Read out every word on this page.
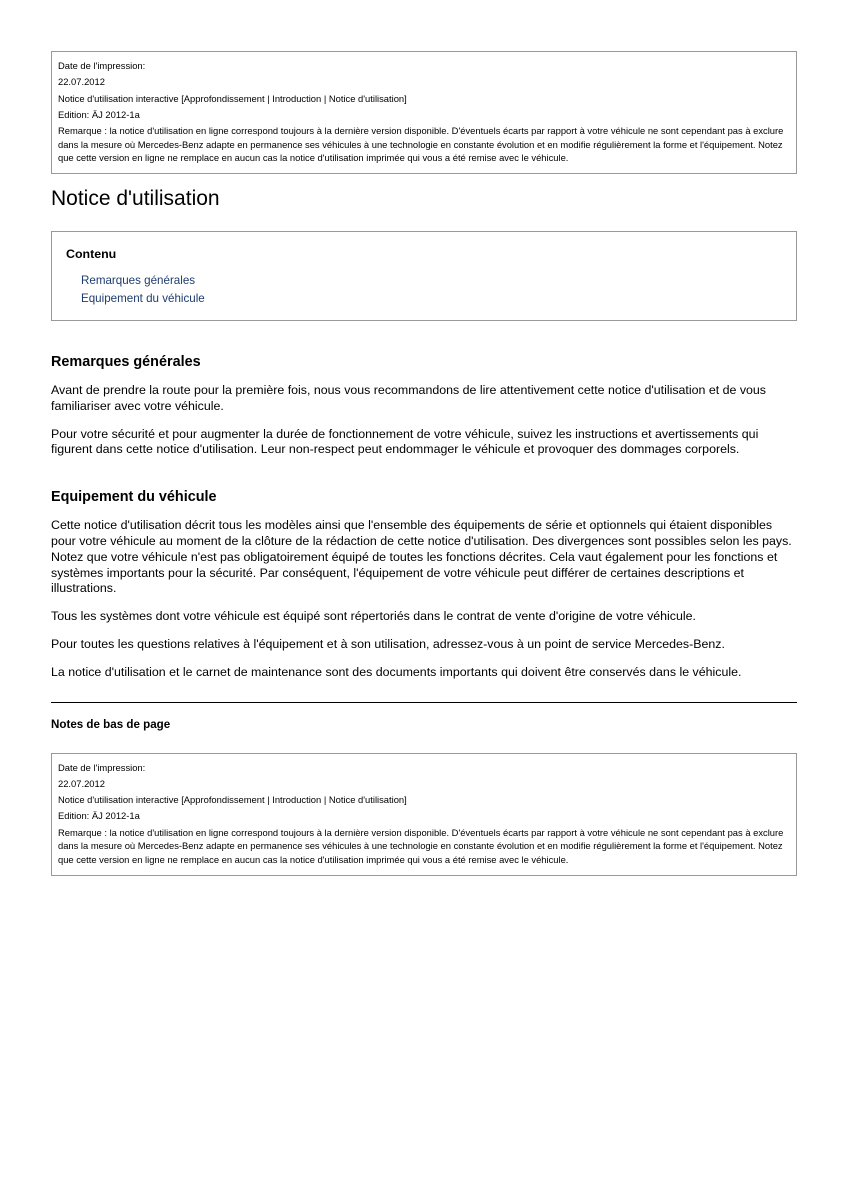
Date de l'impression:
22.07.2012
Notice d'utilisation interactive [Approfondissement | Introduction | Notice d'utilisation]
Edition: ÄJ 2012-1a
Remarque : la notice d'utilisation en ligne correspond toujours à la dernière version disponible. D'éventuels écarts par rapport à votre véhicule ne sont cependant pas à exclure dans la mesure où Mercedes-Benz adapte en permanence ses véhicules à une technologie en constante évolution et en modifie régulièrement la forme et l'équipement. Notez que cette version en ligne ne remplace en aucun cas la notice d'utilisation imprimée qui vous a été remise avec le véhicule.
Notice d'utilisation
Contenu
Remarques générales
Equipement du véhicule
Remarques générales

Avant de prendre la route pour la première fois, nous vous recommandons de lire attentivement cette notice d'utilisation et de vous familiariser avec votre véhicule.

Pour votre sécurité et pour augmenter la durée de fonctionnement de votre véhicule, suivez les instructions et avertissements qui figurent dans cette notice d'utilisation. Leur non-respect peut endommager le véhicule et provoquer des dommages corporels.

Equipement du véhicule

Cette notice d'utilisation décrit tous les modèles ainsi que l'ensemble des équipements de série et optionnels qui étaient disponibles pour votre véhicule au moment de la clôture de la rédaction de cette notice d'utilisation. Des divergences sont possibles selon les pays. Notez que votre véhicule n'est pas obligatoirement équipé de toutes les fonctions décrites. Cela vaut également pour les fonctions et systèmes importants pour la sécurité. Par conséquent, l'équipement de votre véhicule peut différer de certaines descriptions et illustrations.

Tous les systèmes dont votre véhicule est équipé sont répertoriés dans le contrat de vente d'origine de votre véhicule.

Pour toutes les questions relatives à l'équipement et à son utilisation, adressez-vous à un point de service Mercedes-Benz.

La notice d'utilisation et le carnet de maintenance sont des documents importants qui doivent être conservés dans le véhicule.

Notes de bas de page
Date de l'impression:
22.07.2012
Notice d'utilisation interactive [Approfondissement | Introduction | Notice d'utilisation]
Edition: ÄJ 2012-1a
Remarque : la notice d'utilisation en ligne correspond toujours à la dernière version disponible. D'éventuels écarts par rapport à votre véhicule ne sont cependant pas à exclure dans la mesure où Mercedes-Benz adapte en permanence ses véhicules à une technologie en constante évolution et en modifie régulièrement la forme et l'équipement. Notez que cette version en ligne ne remplace en aucun cas la notice d'utilisation imprimée qui vous a été remise avec le véhicule.
